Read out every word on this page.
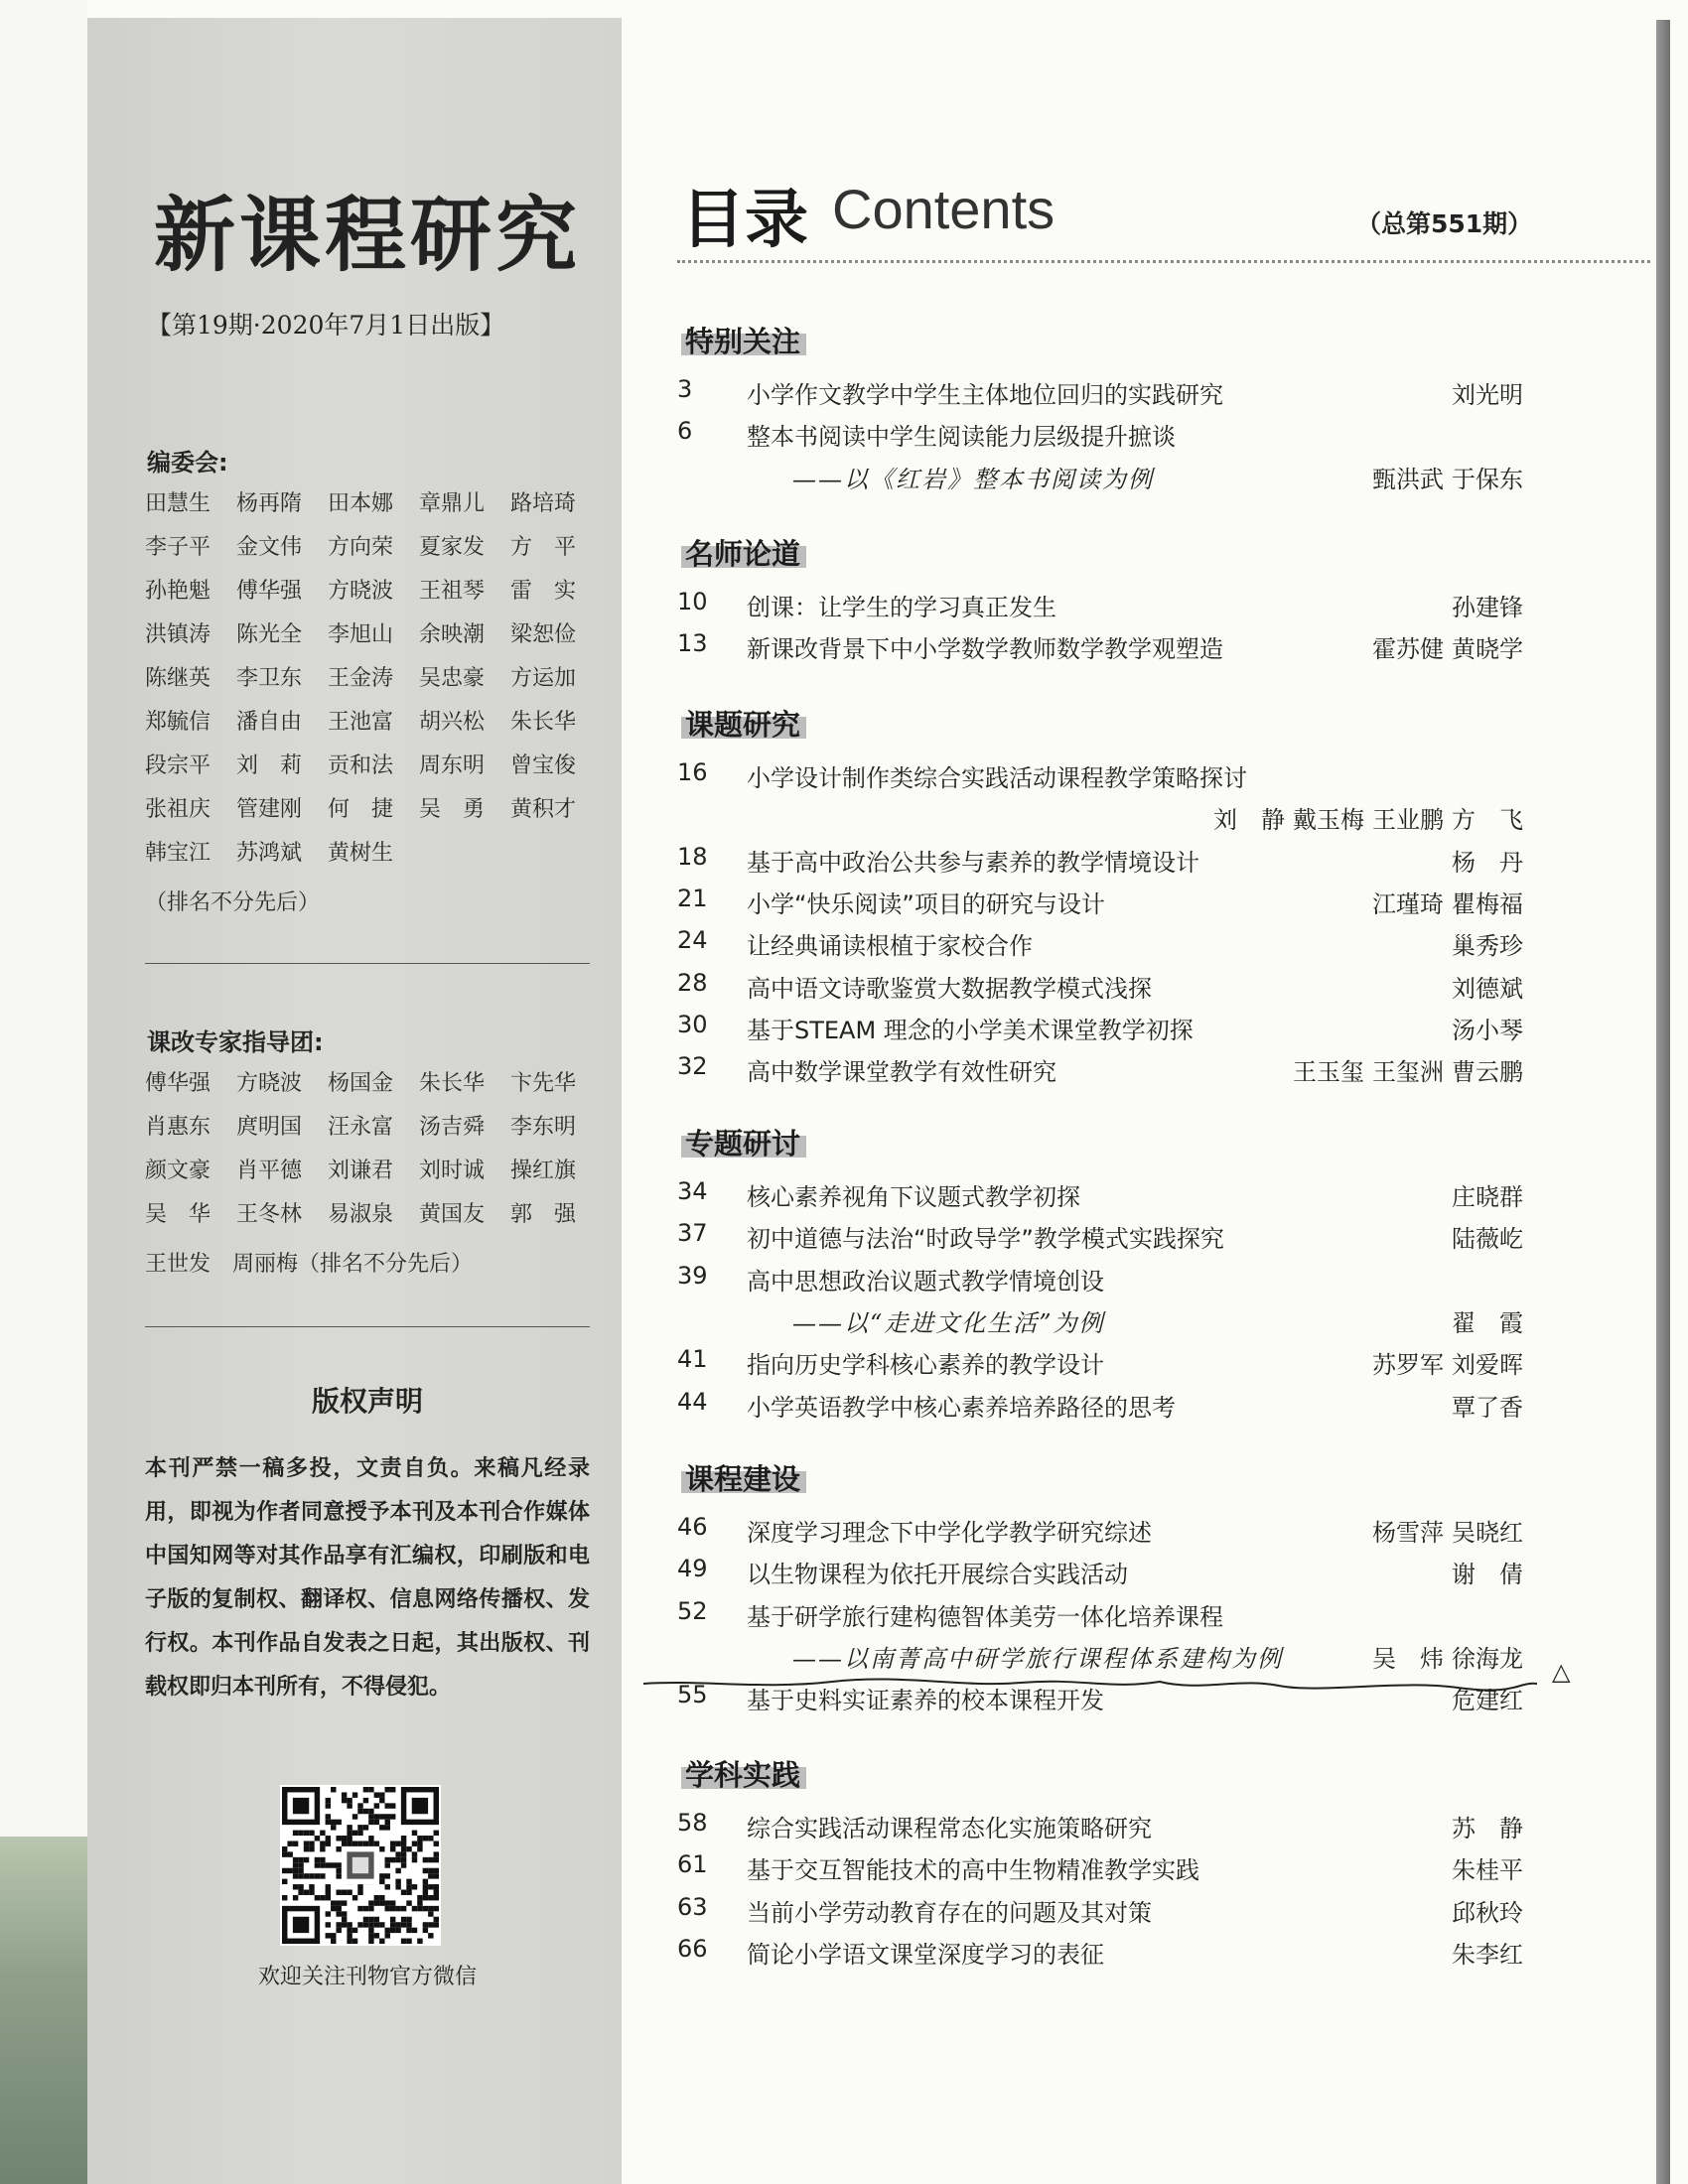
新课程研究
【第19期·2020年7月1日出版】
编委会:
田慧生	杨再隋	田本娜	章鼎儿	路培琦
李子平	金文伟	方向荣	夏家发	方　平
孙艳魁	傅华强	方晓波	王祖琴	雷　实
洪镇涛	陈光全	李旭山	余映潮	梁恕俭
陈继英	李卫东	王金涛	吴忠豪	方运加
郑毓信	潘自由	王池富	胡兴松	朱长华
段宗平	刘　莉	贡和法	周东明	曾宝俊
张祖庆	管建刚	何　捷	吴　勇	黄积才
韩宝江	苏鸿斌	黄树生
（排名不分先后）
课改专家指导团:
傅华强	方晓波	杨国金	朱长华	卞先华
肖惠东	庹明国	汪永富	汤吉舜	李东明
颜文豪	肖平德	刘谦君	刘时诚	操红旗
吴　华	王冬林	易淑泉	黄国友	郭　强
王世发　周丽梅（排名不分先后）
版权声明
本刊严禁一稿多投，文责自负。来稿凡经录用，即视为作者同意授予本刊及本刊合作媒体中国知网等对其作品享有汇编权，印刷版和电子版的复制权、翻译权、信息网络传播权、发行权。本刊作品自发表之日起，其出版权、刊载权即归本刊所有，不得侵犯。
欢迎关注刊物官方微信
目录 Contents	（总第551期）
特别关注
3 小学作文教学中学生主体地位回归的实践研究	刘光明
6 整本书阅读中学生阅读能力层级提升摭谈
——以《红岩》整本书阅读为例	甄洪武 于保东
名师论道
10 创课：让学生的学习真正发生	孙建锋
13 新课改背景下中小学数学教师数学教学观塑造	霍苏健 黄晓学
课题研究
16 小学设计制作类综合实践活动课程教学策略探讨
刘　静 戴玉梅 王业鹏 方　飞
18 基于高中政治公共参与素养的教学情境设计	杨　丹
21 小学“快乐阅读”项目的研究与设计	江瑾琦 瞿梅福
24 让经典诵读根植于家校合作	巢秀珍
28 高中语文诗歌鉴赏大数据教学模式浅探	刘德斌
30 基于STEAM 理念的小学美术课堂教学初探	汤小琴
32 高中数学课堂教学有效性研究	王玉玺 王玺洲 曹云鹏
专题研讨
34 核心素养视角下议题式教学初探	庄晓群
37 初中道德与法治“时政导学”教学模式实践探究	陆薇屹
39 高中思想政治议题式教学情境创设
——以“走进文化生活”为例	翟　霞
41 指向历史学科核心素养的教学设计	苏罗军 刘爱晖
44 小学英语教学中核心素养培养路径的思考	覃了香
课程建设
46 深度学习理念下中学化学教学研究综述	杨雪萍 吴晓红
49 以生物课程为依托开展综合实践活动	谢　倩
52 基于研学旅行建构德智体美劳一体化培养课程
——以南菁高中研学旅行课程体系建构为例	吴　炜 徐海龙
55 基于史料实证素养的校本课程开发	危建红
学科实践
58 综合实践活动课程常态化实施策略研究	苏　静
61 基于交互智能技术的高中生物精准教学实践	朱桂平
63 当前小学劳动教育存在的问题及其对策	邱秋玲
66 简论小学语文课堂深度学习的表征	朱李红
△
